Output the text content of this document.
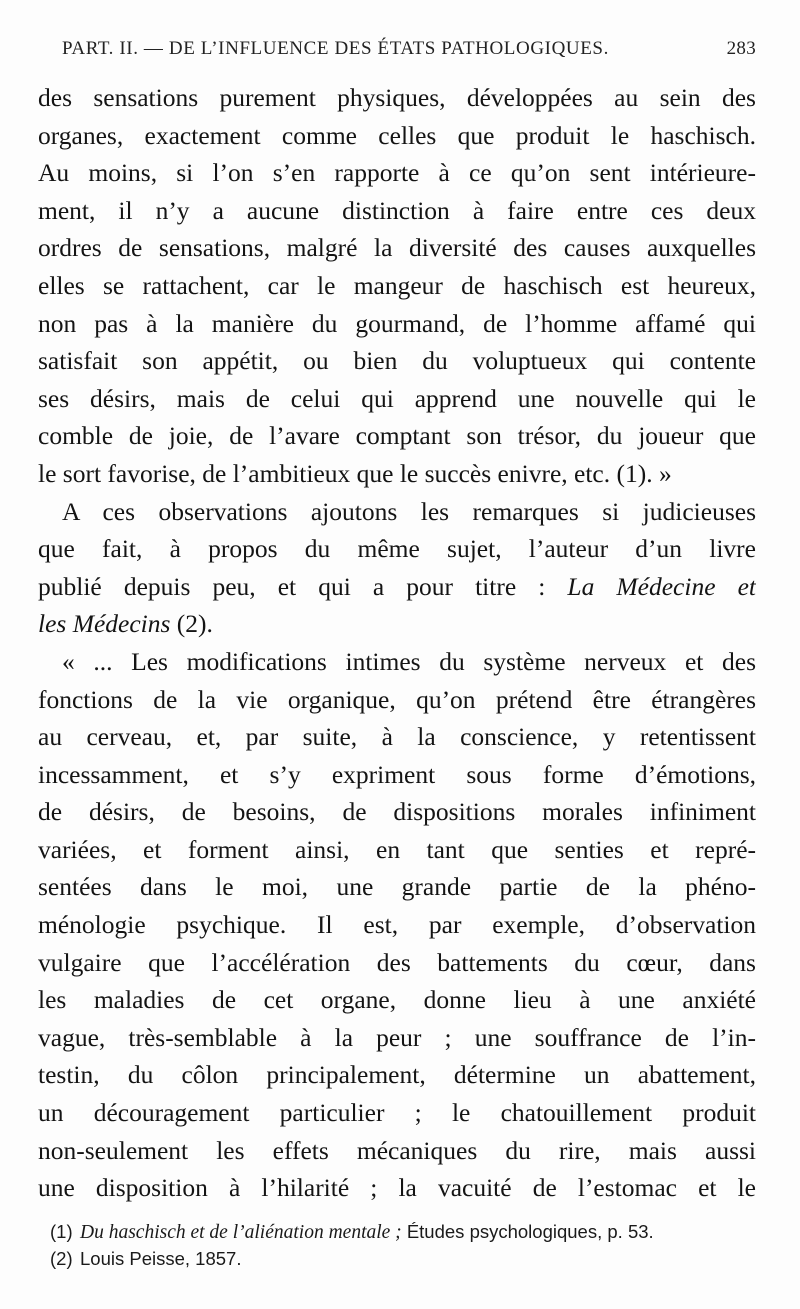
PART. II. — DE L’INFLUENCE DES ÉTATS PATHOLOGIQUES.	283
des sensations purement physiques, développées au sein des
organes, exactement comme celles que produit le haschisch.
Au moins, si l’on s’en rapporte à ce qu’on sent intérieure-
ment, il n’y a aucune distinction à faire entre ces deux
ordres de sensations, malgré la diversité des causes auxquelles
elles se rattachent, car le mangeur de haschisch est heureux,
non pas à la manière du gourmand, de l’homme affamé qui
satisfait son appétit, ou bien du voluptueux qui contente
ses désirs, mais de celui qui apprend une nouvelle qui le
comble de joie, de l’avare comptant son trésor, du joueur que
le sort favorise, de l’ambitieux que le succès enivre, etc. (1). »
A ces observations ajoutons les remarques si judicieuses
que fait, à propos du même sujet, l’auteur d’un livre
publié depuis peu, et qui a pour titre : La Médecine et
les Médecins (2).
« ... Les modifications intimes du système nerveux et des
fonctions de la vie organique, qu’on prétend être étrangères
au cerveau, et, par suite, à la conscience, y retentissent
incessamment, et s’y expriment sous forme d’émotions,
de désirs, de besoins, de dispositions morales infiniment
variées, et forment ainsi, en tant que senties et repré-
sentées dans le moi, une grande partie de la phéno-
ménologie psychique. Il est, par exemple, d’observation
vulgaire que l’accélération des battements du cœur, dans
les maladies de cet organe, donne lieu à une anxiété
vague, très-semblable à la peur ; une souffrance de l’in-
testin, du côlon principalement, détermine un abattement,
un découragement particulier ; le chatouillement produit
non-seulement les effets mécaniques du rire, mais aussi
une disposition à l’hilarité ; la vacuité de l’estomac et le
(1) Du haschisch et de l’aliénation mentale ; Études psychologiques, p. 53.
(2) Louis Peisse, 1857.
